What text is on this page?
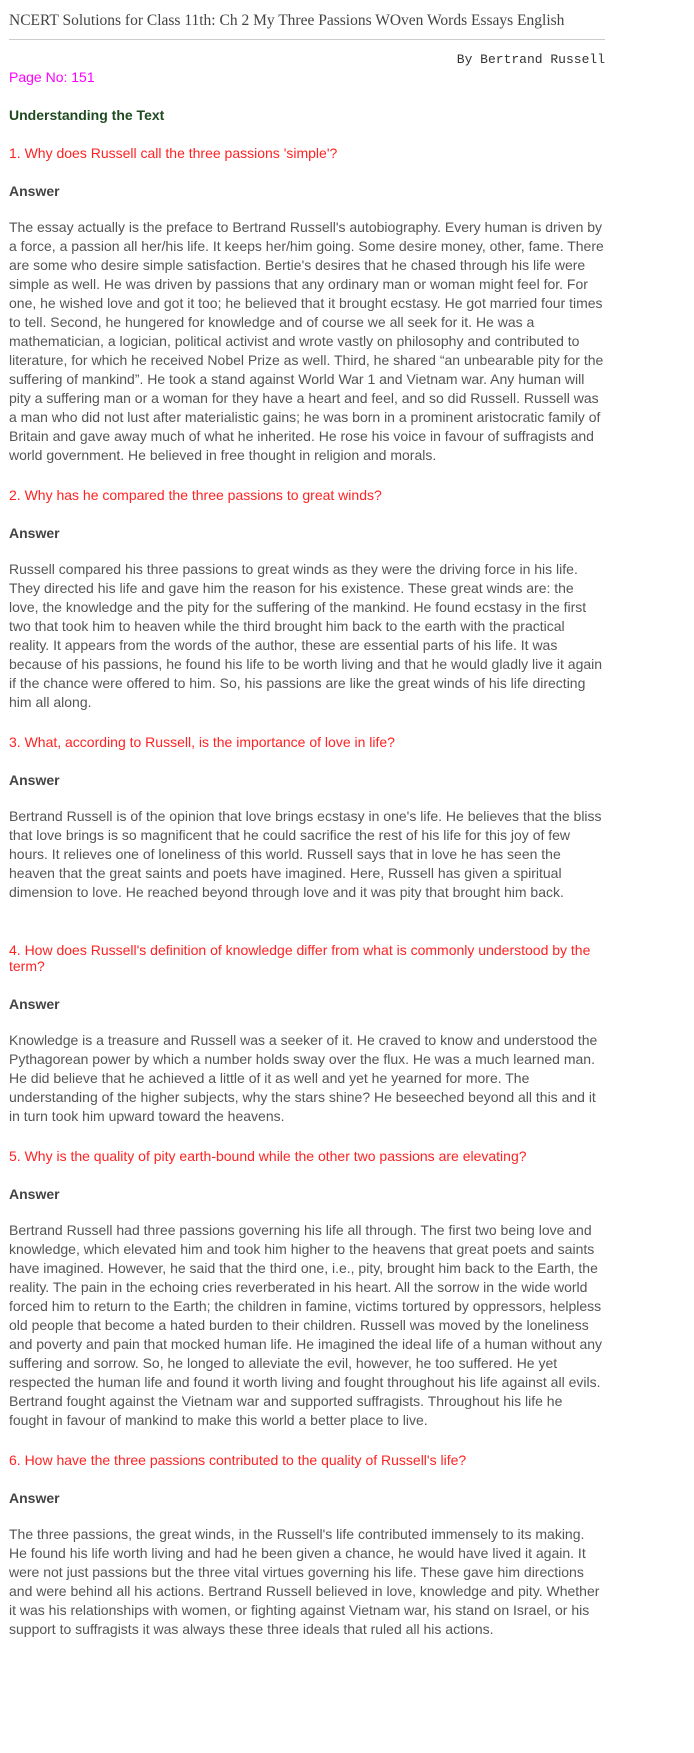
NCERT Solutions for Class 11th: Ch 2 My Three Passions WOven Words Essays English
By Bertrand Russell
Page No: 151
Understanding the Text
1. Why does Russell call the three passions 'simple'?
Answer
The essay actually is the preface to Bertrand Russell's autobiography. Every human is driven by a force, a passion all her/his life. It keeps her/him going. Some desire money, other, fame. There are some who desire simple satisfaction. Bertie's desires that he chased through his life were simple as well. He was driven by passions that any ordinary man or woman might feel for. For one, he wished love and got it too; he believed that it brought ecstasy. He got married four times to tell. Second, he hungered for knowledge and of course we all seek for it. He was a mathematician, a logician, political activist and wrote vastly on philosophy and contributed to literature, for which he received Nobel Prize as well. Third, he shared “an unbearable pity for the suffering of mankind”. He took a stand against World War 1 and Vietnam war. Any human will pity a suffering man or a woman for they have a heart and feel, and so did Russell. Russell was a man who did not lust after materialistic gains; he was born in a prominent aristocratic family of Britain and gave away much of what he inherited. He rose his voice in favour of suffragists and world government. He believed in free thought in religion and morals.
2. Why has he compared the three passions to great winds?
Answer
Russell compared his three passions to great winds as they were the driving force in his life. They directed his life and gave him the reason for his existence. These great winds are: the love, the knowledge and the pity for the suffering of the mankind. He found ecstasy in the first two that took him to heaven while the third brought him back to the earth with the practical reality. It appears from the words of the author, these are essential parts of his life. It was because of his passions, he found his life to be worth living and that he would gladly live it again if the chance were offered to him. So, his passions are like the great winds of his life directing him all along.
3. What, according to Russell, is the importance of love in life?
Answer
Bertrand Russell is of the opinion that love brings ecstasy in one's life. He believes that the bliss that love brings is so magnificent that he could sacrifice the rest of his life for this joy of few hours. It relieves one of loneliness of this world. Russell says that in love he has seen the heaven that the great saints and poets have imagined. Here, Russell has given a spiritual dimension to love. He reached beyond through love and it was pity that brought him back.
4. How does Russell's definition of knowledge differ from what is commonly understood by the term?
Answer
Knowledge is a treasure and Russell was a seeker of it. He craved to know and understood the Pythagorean power by which a number holds sway over the flux. He was a much learned man. He did believe that he achieved a little of it as well and yet he yearned for more. The understanding of the higher subjects, why the stars shine? He beseeched beyond all this and it in turn took him upward toward the heavens.
5. Why is the quality of pity earth-bound while the other two passions are elevating?
Answer
Bertrand Russell had three passions governing his life all through. The first two being love and knowledge, which elevated him and took him higher to the heavens that great poets and saints have imagined. However, he said that the third one, i.e., pity, brought him back to the Earth, the reality. The pain in the echoing cries reverberated in his heart. All the sorrow in the wide world forced him to return to the Earth; the children in famine, victims tortured by oppressors, helpless old people that become a hated burden to their children. Russell was moved by the loneliness and poverty and pain that mocked human life. He imagined the ideal life of a human without any suffering and sorrow. So, he longed to alleviate the evil, however, he too suffered. He yet respected the human life and found it worth living and fought throughout his life against all evils. Bertrand fought against the Vietnam war and supported suffragists. Throughout his life he fought in favour of mankind to make this world a better place to live.
6. How have the three passions contributed to the quality of Russell's life?
Answer
The three passions, the great winds, in the Russell's life contributed immensely to its making. He found his life worth living and had he been given a chance, he would have lived it again. It were not just passions but the three vital virtues governing his life. These gave him directions and were behind all his actions. Bertrand Russell believed in love, knowledge and pity. Whether it was his relationships with women, or fighting against Vietnam war, his stand on Israel, or his support to suffragists it was always these three ideals that ruled all his actions.
